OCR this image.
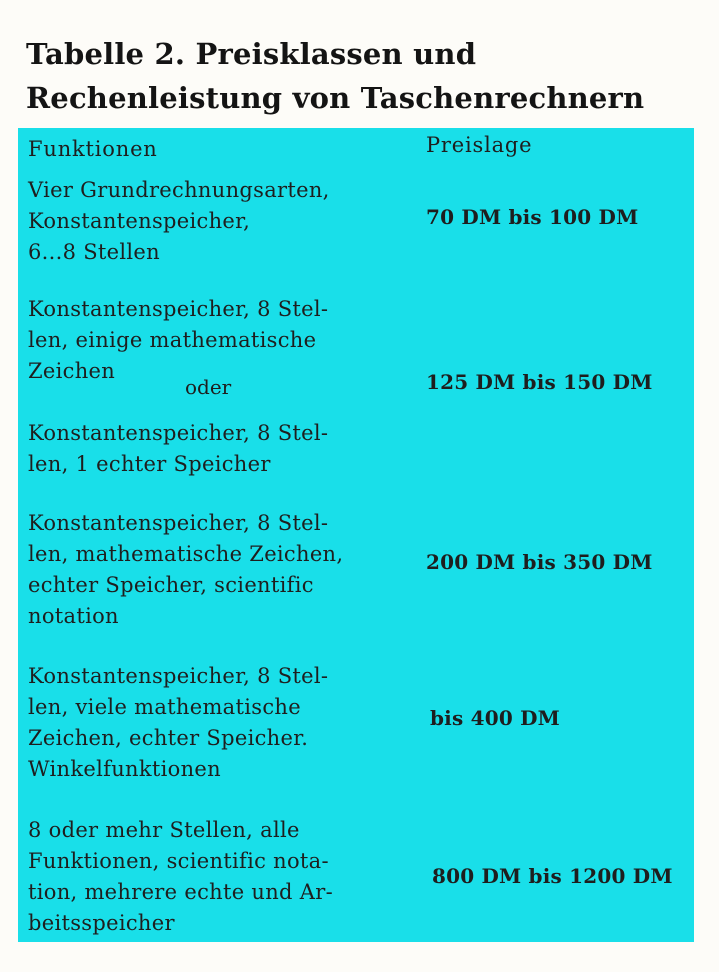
Tabelle 2. Preisklassen und
Rechenleistung von Taschenrechnern
Funktionen	Preislage
Vier Grundrechnungsarten,
Konstantenspeicher,
6...8 Stellen
70 DM bis 100 DM
Konstantenspeicher, 8 Stel-
len, einige mathematische
Zeichen
oder
Konstantenspeicher, 8 Stel-
len, 1 echter Speicher
125 DM bis 150 DM
Konstantenspeicher, 8 Stel-
len, mathematische Zeichen,
echter Speicher, scientific
notation
200 DM bis 350 DM
Konstantenspeicher, 8 Stel-
len, viele mathematische
Zeichen, echter Speicher.
Winkelfunktionen
bis 400 DM
8 oder mehr Stellen, alle
Funktionen, scientific nota-
tion, mehrere echte und Ar-
beitsspeicher
800 DM bis 1200 DM
